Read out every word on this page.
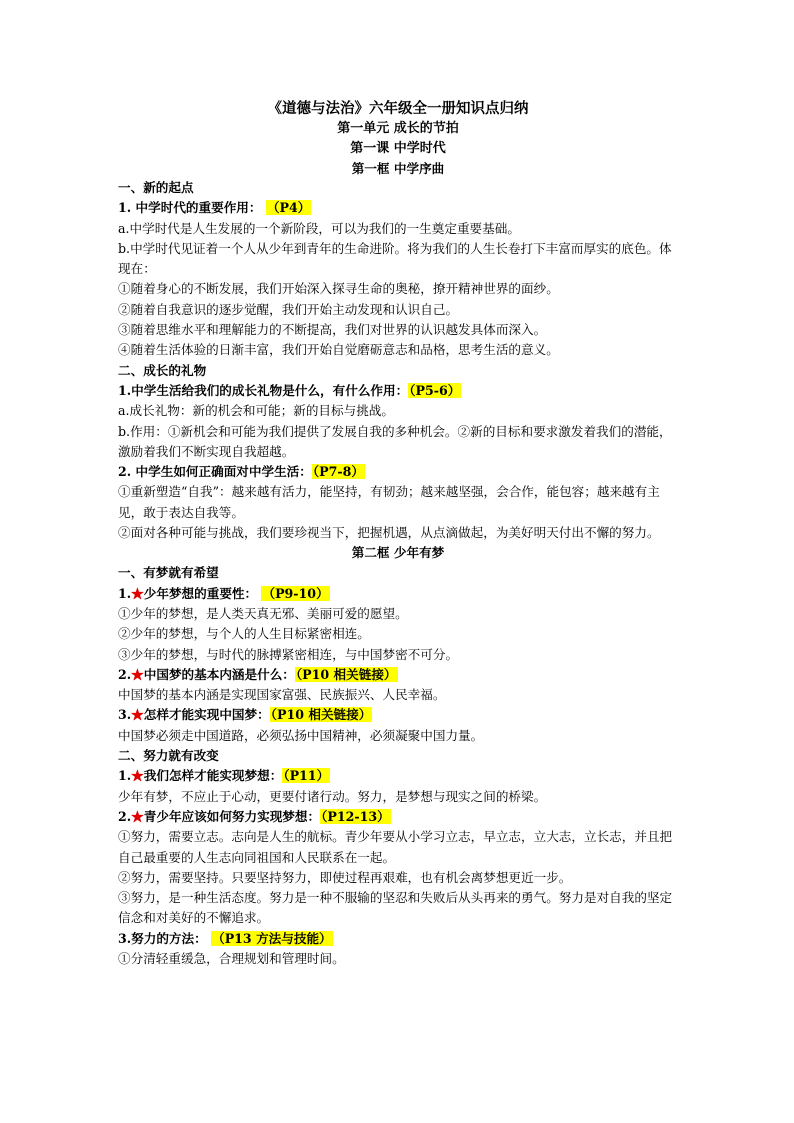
《道德与法治》六年级全一册知识点归纳
第一单元 成长的节拍
第一课 中学时代
第一框 中学序曲
一、新的起点
1. 中学时代的重要作用： （P4）
a.中学时代是人生发展的一个新阶段，可以为我们的一生奠定重要基础。
b.中学时代见证着一个人从少年到青年的生命进阶。将为我们的人生长卷打下丰富而厚实的底色。体现在：
①随着身心的不断发展，我们开始深入探寻生命的奥秘，撩开精神世界的面纱。
②随着自我意识的逐步觉醒，我们开始主动发现和认识自己。
③随着思维水平和理解能力的不断提高，我们对世界的认识越发具体而深入。
④随着生活体验的日渐丰富，我们开始自觉磨砺意志和品格，思考生活的意义。
二、成长的礼物
1.中学生活给我们的成长礼物是什么，有什么作用：（P5-6）
a.成长礼物：新的机会和可能；新的目标与挑战。
b.作用：①新机会和可能为我们提供了发展自我的多种机会。②新的目标和要求激发着我们的潜能，激励着我们不断实现自我超越。
2. 中学生如何正确面对中学生活：（P7-8）
①重新塑造“自我”：越来越有活力，能坚持，有韧劲；越来越坚强，会合作，能包容；越来越有主见，敢于表达自我等。
②面对各种可能与挑战，我们要珍视当下，把握机遇，从点滴做起，为美好明天付出不懈的努力。
第二框 少年有梦
一、有梦就有希望
1.★少年梦想的重要性： （P9-10）
①少年的梦想，是人类天真无邪、美丽可爱的愿望。
②少年的梦想，与个人的人生目标紧密相连。
③少年的梦想，与时代的脉搏紧密相连，与中国梦密不可分。
2.★中国梦的基本内涵是什么：（P10 相关链接）
中国梦的基本内涵是实现国家富强、民族振兴、人民幸福。
3.★怎样才能实现中国梦：（P10 相关链接）
中国梦必须走中国道路，必须弘扬中国精神，必须凝聚中国力量。
二、努力就有改变
1.★我们怎样才能实现梦想：（P11）
少年有梦，不应止于心动，更要付诸行动。努力，是梦想与现实之间的桥梁。
2.★青少年应该如何努力实现梦想：（P12-13）
①努力，需要立志。志向是人生的航标。青少年要从小学习立志，早立志，立大志，立长志，并且把自己最重要的人生志向同祖国和人民联系在一起。
②努力，需要坚持。只要坚持努力，即使过程再艰难，也有机会离梦想更近一步。
③努力，是一种生活态度。努力是一种不服输的坚忍和失败后从头再来的勇气。努力是对自我的坚定信念和对美好的不懈追求。
3.努力的方法： （P13 方法与技能）
①分清轻重缓急，合理规划和管理时间。
